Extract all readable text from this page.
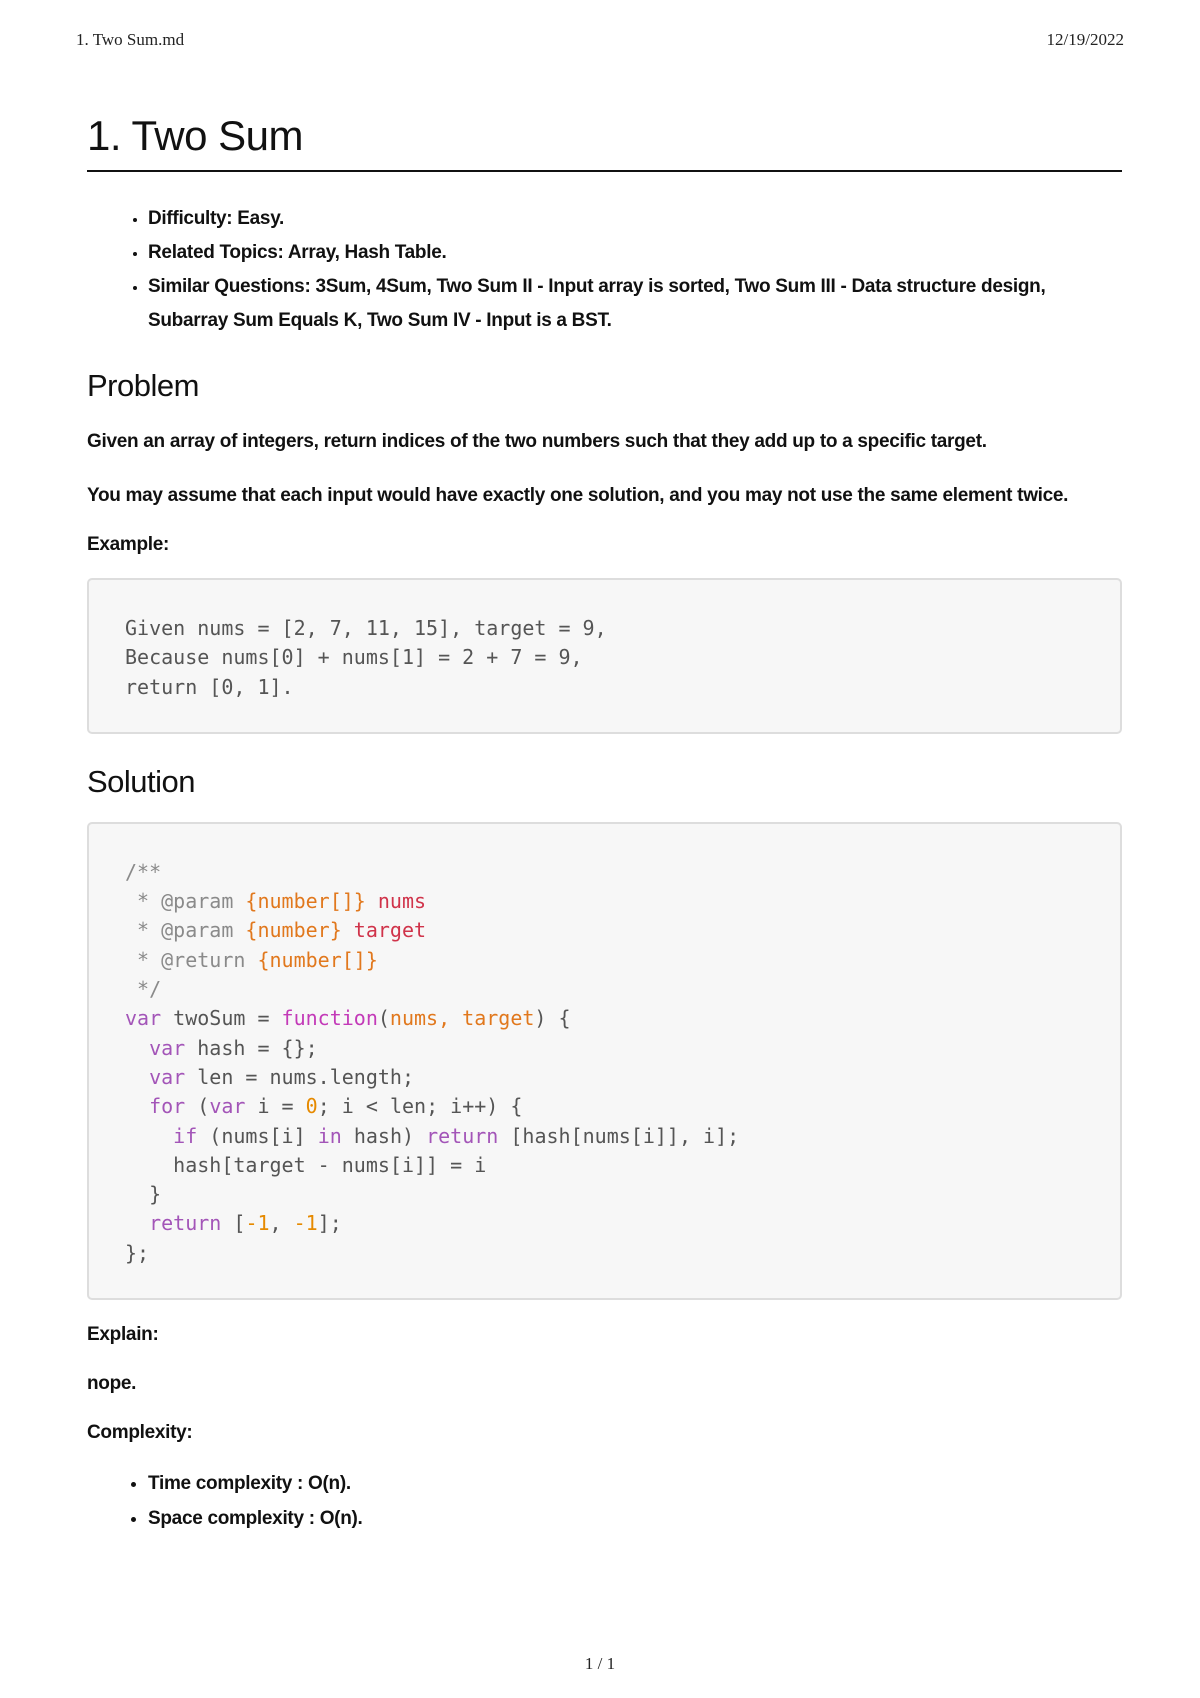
1. Two Sum.md	12/19/2022
1. Two Sum
• Difficulty: Easy.
• Related Topics: Array, Hash Table.
• Similar Questions: 3Sum, 4Sum, Two Sum II - Input array is sorted, Two Sum III - Data structure design, Subarray Sum Equals K, Two Sum IV - Input is a BST.
Problem

Given an array of integers, return indices of the two numbers such that they add up to a specific target.

You may assume that each input would have exactly one solution, and you may not use the same element twice.

Example:
Given nums = [2, 7, 11, 15], target = 9,
Because nums[0] + nums[1] = 2 + 7 = 9,
return [0, 1].
Solution
/**
* @param {number[]} nums
* @param {number} target
* @return {number[]}
*/
var twoSum = function(nums, target) {
var hash = {};
var len = nums.length;
for (var i = 0; i < len; i++) {
if (nums[i] in hash) return [hash[nums[i]], i];
hash[target - nums[i]] = i
}
return [-1, -1];
};
Explain:

nope.

Complexity:
• Time complexity : O(n).
• Space complexity : O(n).
1 / 1
